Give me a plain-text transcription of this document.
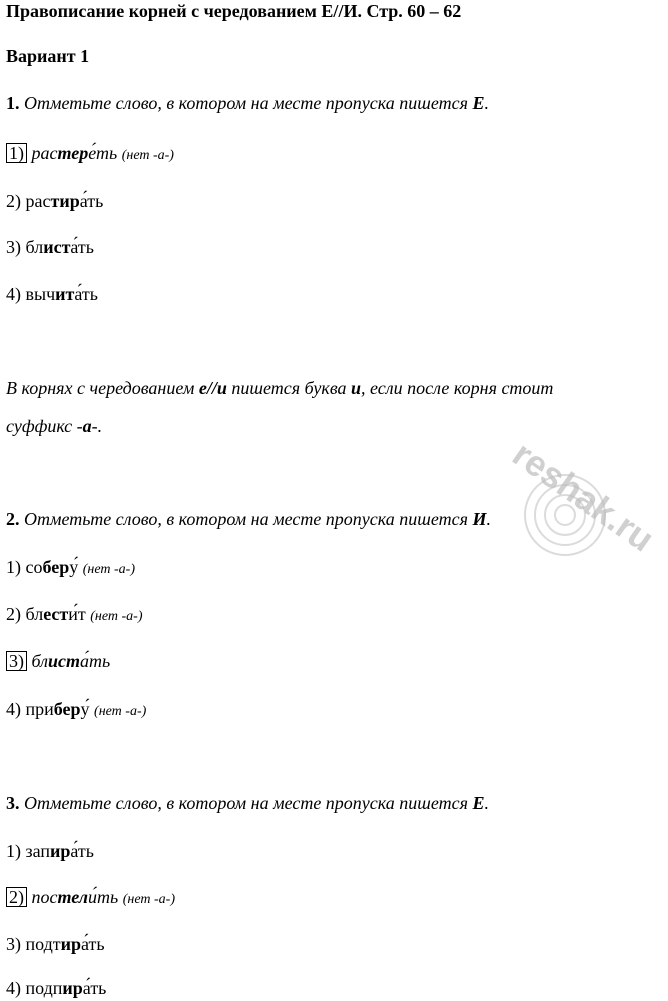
Правописание корней с чередованием Е//И. Стр. 60 – 62
Вариант 1
1. Отметьте слово, в котором на месте пропуска пишется Е.
1) растере́ть (нет -а-)
2) растира́ть
3) блиста́ть
4) вычита́ть
В корнях с чередованием е//и пишется буква и, если после корня стоит
суффикс -а-.
reshak.ru
2. Отметьте слово, в котором на месте пропуска пишется И.
1) соберу́ (нет -а-)
2) блести́т (нет -а-)
3) блиста́ть
4) приберу́ (нет -а-)
3. Отметьте слово, в котором на месте пропуска пишется Е.
1) запира́ть
2) постели́ть (нет -а-)
3) подтира́ть
4) подпира́ть
